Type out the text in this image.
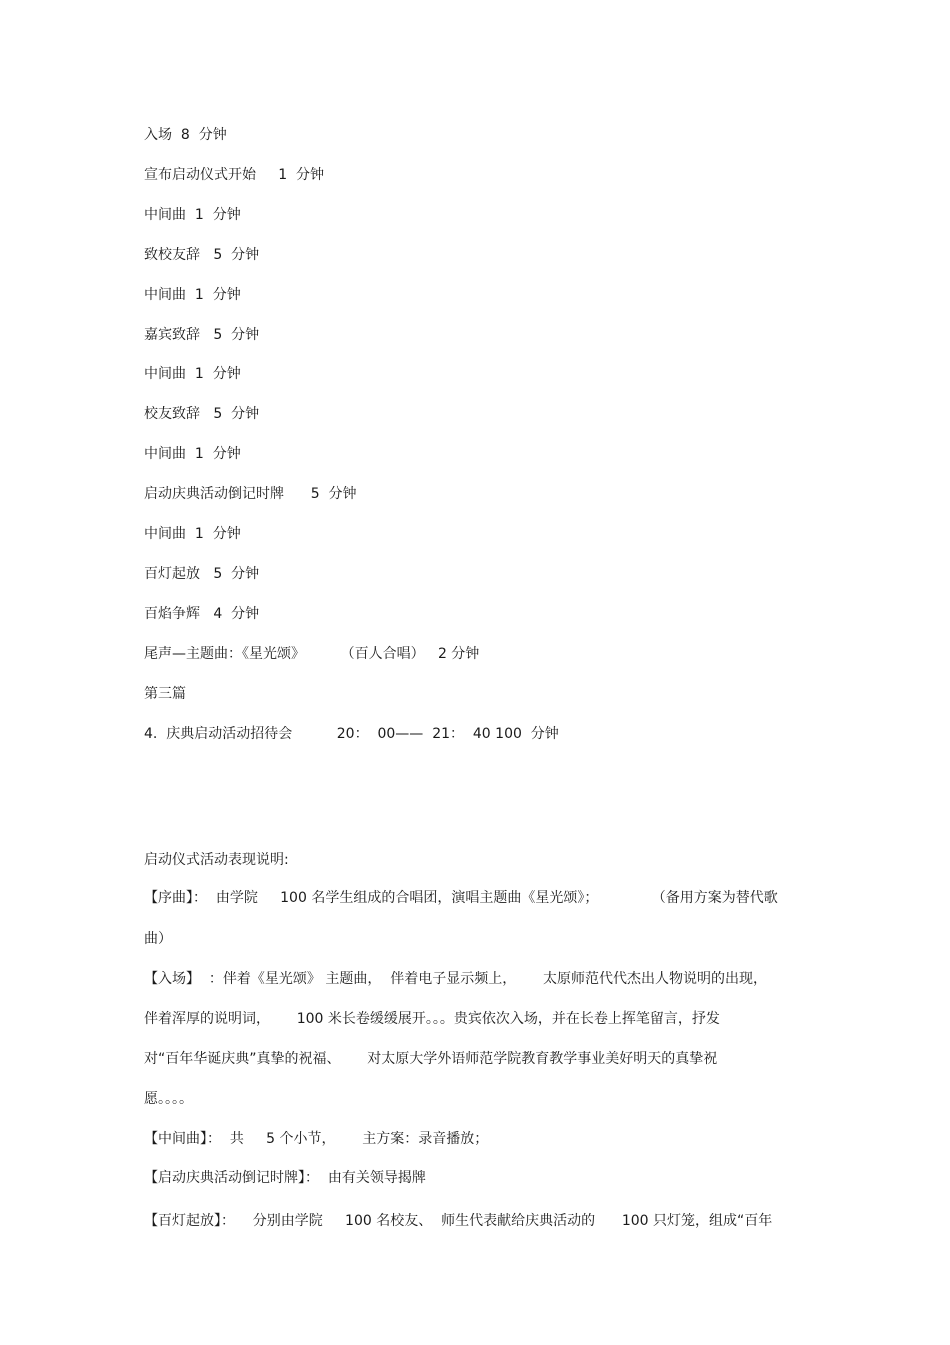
入场  8  分钟
宣布启动仪式开始     1  分钟
中间曲  1  分钟
致校友辞   5  分钟
中间曲  1  分钟
嘉宾致辞   5  分钟
中间曲  1  分钟
校友致辞   5  分钟
中间曲  1  分钟
启动庆典活动倒记时牌      5  分钟
中间曲  1  分钟
百灯起放   5  分钟
百焰争辉   4  分钟
尾声—主题曲：《星光颂》        （百人合唱）   2 分钟
第三篇
4.  庆典启动活动招待会          20：  00——  21：  40 100  分钟
启动仪式活动表现说明:
【序曲】：  由学院     100 名学生组成的合唱团，演唱主题曲《星光颂》；            （备用方案为替代歌
曲）
【入场】  ：伴着《星光颂》 主题曲，  伴着电子显示频上，      太原师范代代杰出人物说明的出现，
伴着浑厚的说明词，      100 米长卷缓缓展开。。。贵宾依次入场，并在长卷上挥笔留言，抒发
对“百年华诞庆典”真挚的祝福、      对太原大学外语师范学院教育教学事业美好明天的真挚祝
愿。。。。
【中间曲】：  共     5 个小节，      主方案：录音播放；
【启动庆典活动倒记时牌】：  由有关领导揭牌
【百灯起放】：    分别由学院     100 名校友、  师生代表献给庆典活动的      100 只灯笼，组成“百年
